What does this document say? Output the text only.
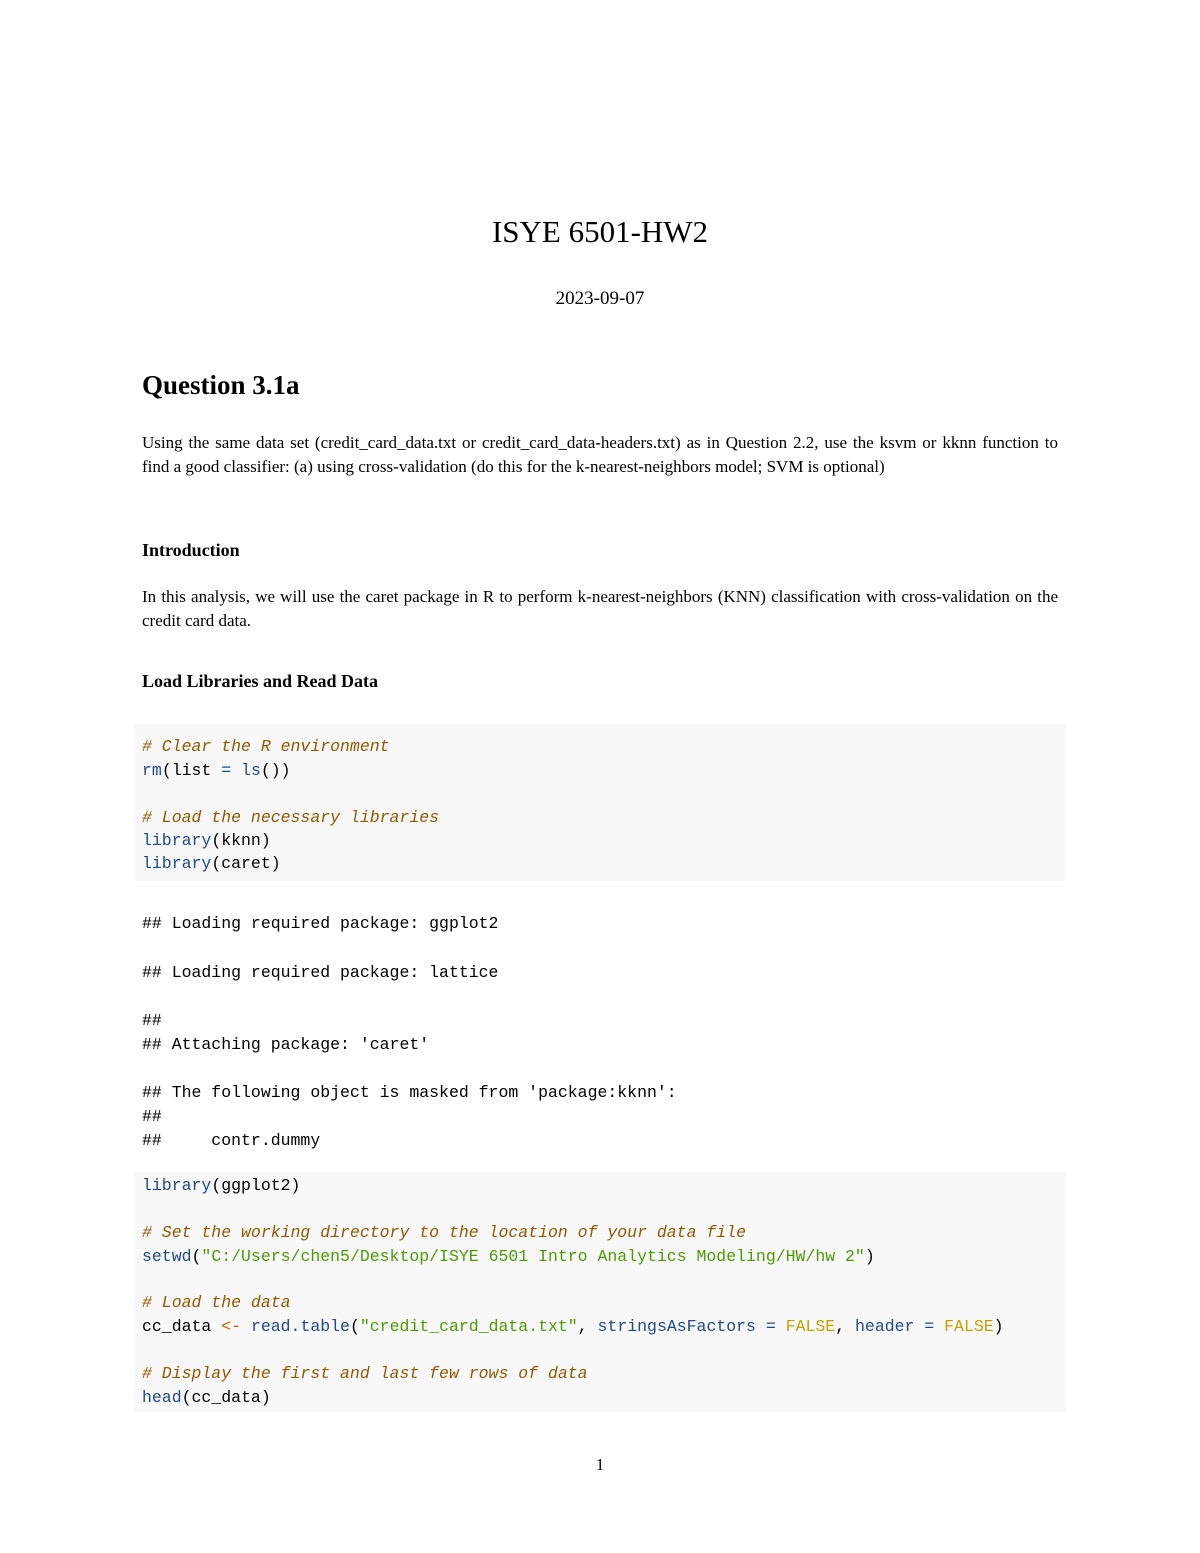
ISYE 6501-HW2
2023-09-07
Question 3.1a
Using the same data set (credit_card_data.txt or credit_card_data-headers.txt) as in Question 2.2, use the ksvm or kknn function to find a good classifier: (a) using cross-validation (do this for the k-nearest-neighbors model; SVM is optional)
Introduction
In this analysis, we will use the caret package in R to perform k-nearest-neighbors (KNN) classification with cross-validation on the credit card data.
Load Libraries and Read Data

# Clear the R environment

rm(list = ls())

# Load the necessary libraries

library(kknn)

library(caret)

## Loading required package: ggplot2
## Loading required package: lattice
##
## Attaching package: 'caret'
## The following object is masked from 'package:kknn':
##
##     contr.dummy

library(ggplot2)

# Set the working directory to the location of your data file

setwd("C:/Users/chen5/Desktop/ISYE 6501 Intro Analytics Modeling/HW/hw 2")

# Load the data

cc_data <- read.table("credit_card_data.txt", stringsAsFactors = FALSE, header = FALSE)

# Display the first and last few rows of data

head(cc_data)

1
